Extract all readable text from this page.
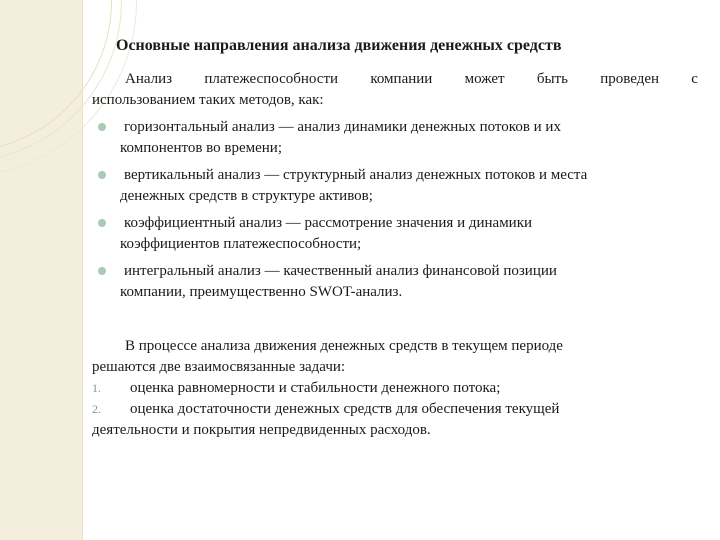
Основные направления анализа движения денежных средств
Анализ платежеспособности компании может быть проведен с
использованием таких методов, как:
горизонтальный анализ — анализ динамики денежных потоков и их
компонентов во времени;
вертикальный анализ — структурный анализ денежных потоков и места
денежных средств в структуре активов;
коэффициентный анализ — рассмотрение значения и динамики
коэффициентов платежеспособности;
интегральный анализ — качественный анализ финансовой позиции
компании, преимущественно SWOT-анализ.
В процессе анализа движения денежных средств в текущем периоде
решаются две взаимосвязанные задачи:
1. оценка равномерности и стабильности денежного потока;
2. оценка достаточности денежных средств для обеспечения текущей
деятельности и покрытия непредвиденных расходов.
